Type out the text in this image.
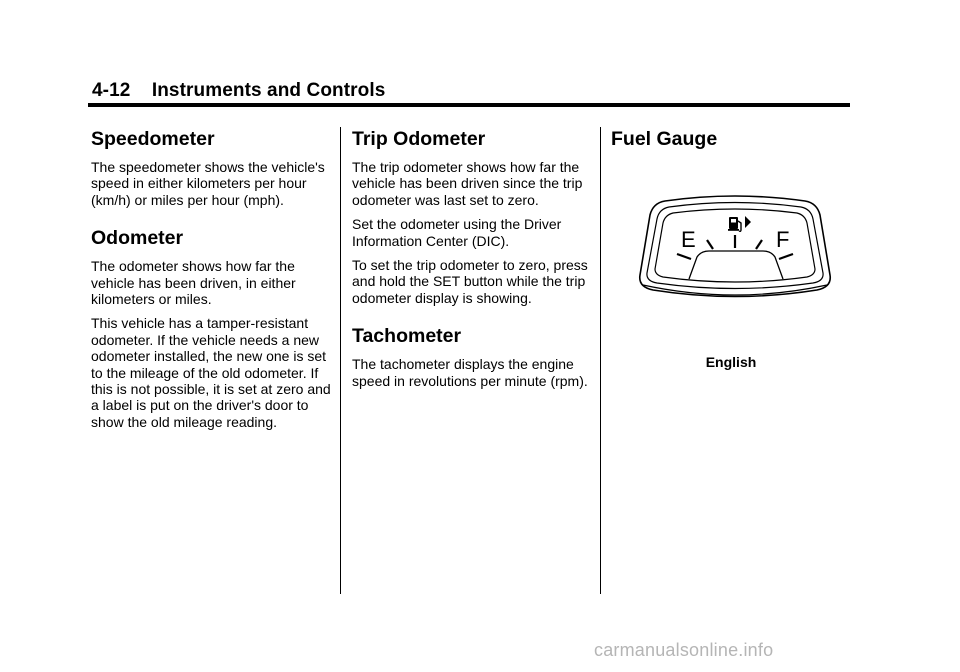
4-12 Instruments and Controls
Speedometer

The speedometer shows the vehicle's speed in either kilometers per hour (km/h) or miles per hour (mph).

Odometer

The odometer shows how far the vehicle has been driven, in either kilometers or miles.

This vehicle has a tamper-resistant odometer. If the vehicle needs a new odometer installed, the new one is set to the mileage of the old odometer. If this is not possible, it is set at zero and a label is put on the driver's door to show the old mileage reading.

Trip Odometer

The trip odometer shows how far the vehicle has been driven since the trip odometer was last set to zero.

Set the odometer using the Driver Information Center (DIC).

To set the trip odometer to zero, press and hold the SET button while the trip odometer display is showing.

Tachometer

The tachometer displays the engine speed in revolutions per minute (rpm).

Fuel Gauge
E	F
English
carmanualsonline.info
